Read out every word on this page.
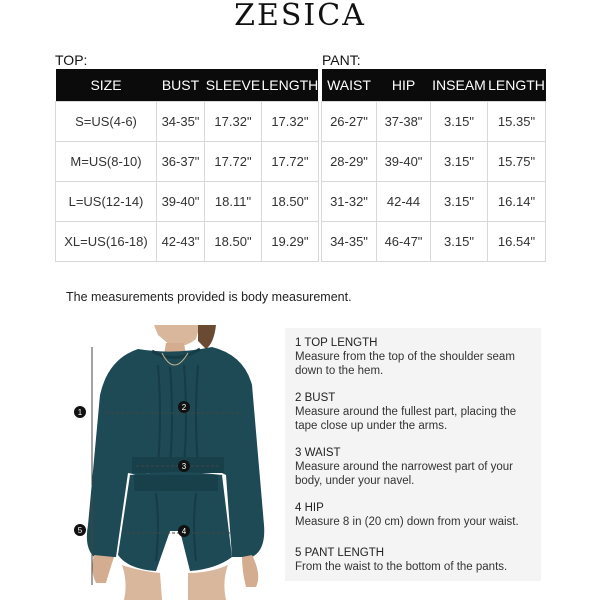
ZESICA
TOP:	PANT:
SIZE	BUST	SLEEVE	LENGTH
S=US(4-6)	34-35"	17.32"	17.32"
M=US(8-10)	36-37"	17.72"	17.72"
L=US(12-14)	39-40"	18.11"	18.50"
XL=US(16-18)	42-43"	18.50"	19.29"
WAIST	HIP	INSEAM	LENGTH
26-27"	37-38"	3.15"	15.35"
28-29"	39-40"	3.15"	15.75"
31-32"	42-44	3.15"	16.14"
34-35"	46-47"	3.15"	16.54"
The measurements provided is body measurement.
1
2
3
4
5
1 TOP LENGTH
Measure from the top of the shoulder seam down to the hem.
2 BUST
Measure around the fullest part, placing the tape close up under the arms.
3 WAIST
Measure around the narrowest part of your body, under your navel.
4 HIP
Measure 8 in (20 cm) down from your waist.
5 PANT LENGTH
From the waist to the bottom of the pants.
